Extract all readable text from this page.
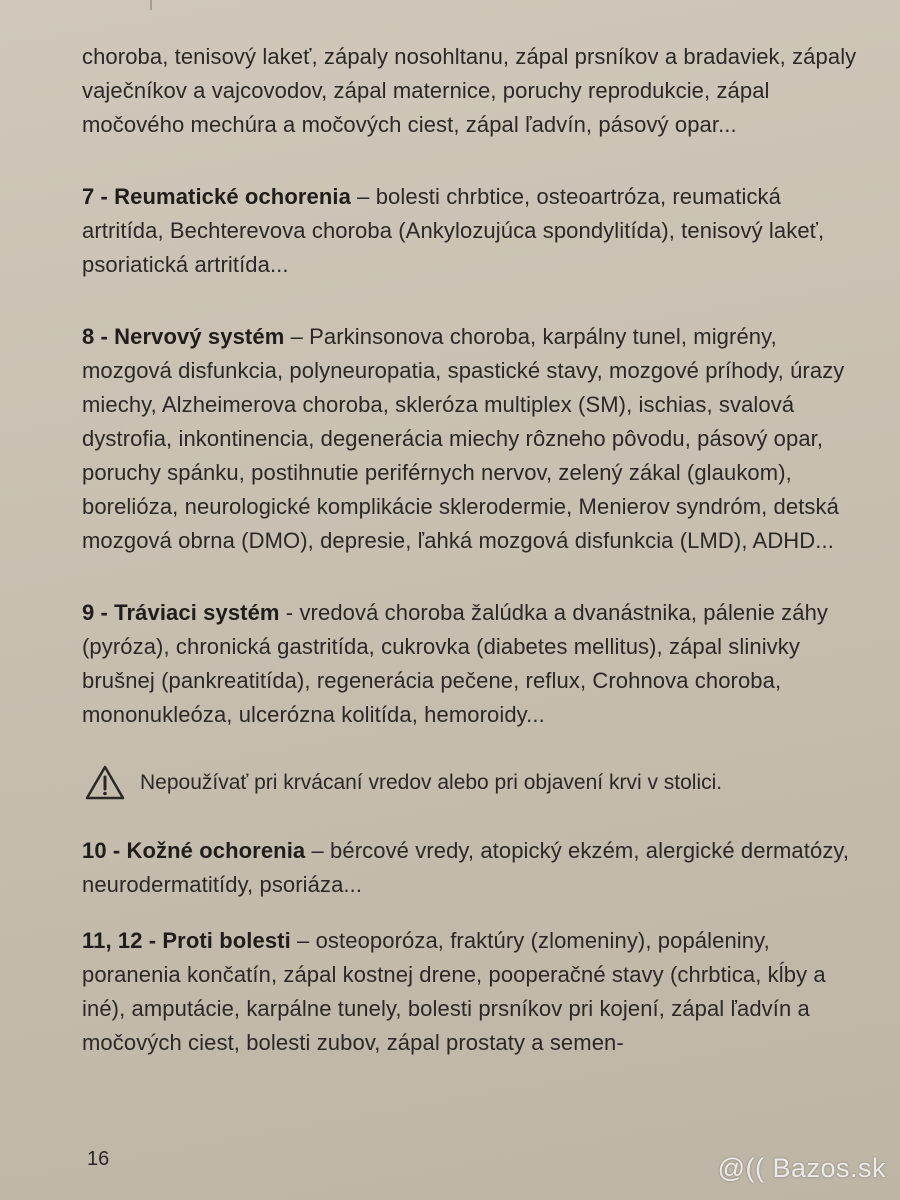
choroba, tenisový lakeť, zápaly nosohltanu, zápal prsníkov a bradaviek, zápaly vaječníkov a vajcovodov, zápal maternice, poruchy reprodukcie, zápal močového mechúra a močových ciest, zápal ľadvín, pásový opar...

7 - Reumatické ochorenia – bolesti chrbtice, osteoartróza, reumatická artritída, Bechterevova choroba (Ankylozujúca spondylitída), tenisový lakeť, psoriatická artritída...

8 - Nervový systém – Parkinsonova choroba, karpálny tunel, migrény, mozgová disfunkcia, polyneuropatia, spastické stavy, mozgové príhody, úrazy miechy, Alzheimerova choroba, skleróza multiplex (SM), ischias, svalová dystrofia, inkontinencia, degenerácia miechy rôzneho pôvodu, pásový opar, poruchy spánku, postihnutie periférnych nervov, zelený zákal (glaukom), borelióza, neurologické komplikácie sklerodermie, Menierov syndróm, detská mozgová obrna (DMO), depresie, ľahká mozgová disfunkcia (LMD), ADHD...

9 - Tráviaci systém - vredová choroba žalúdka a dvanástnika, pálenie záhy (pyróza), chronická gastritída, cukrovka (diabetes mellitus), zápal slinivky brušnej (pankreatitída), regenerácia pečene, reflux, Crohnova choroba, mononukleóza, ulcerózna kolitída, hemoroidy...

Nepoužívať pri krvácaní vredov alebo pri objavení krvi v stolici.

10 - Kožné ochorenia – bércové vredy, atopický ekzém, alergické dermatózy, neurodermatitídy, psoriáza...

11, 12 - Proti bolesti – osteoporóza, fraktúry (zlomeniny), popáleniny, poranenia končatín, zápal kostnej drene, pooperačné stavy (chrbtica, kĺby a iné), amputácie, karpálne tunely, bolesti prsníkov pri kojení, zápal ľadvín a močových ciest, bolesti zubov, zápal prostaty a semen-

16	@(( Bazos.sk
